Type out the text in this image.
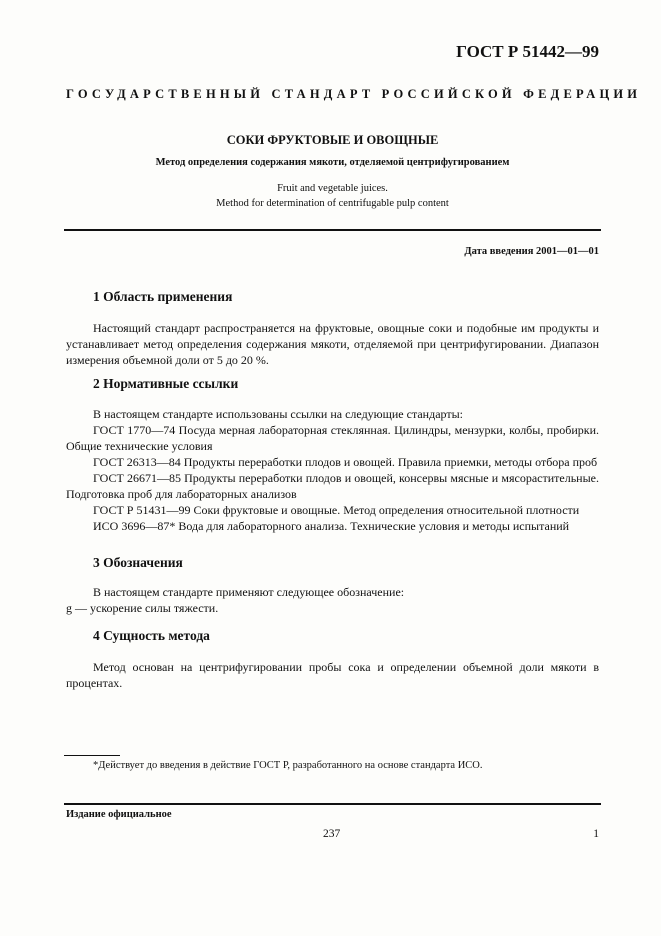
ГОСТ Р 51442—99
ГОСУДАРСТВЕННЫЙ СТАНДАРТ РОССИЙСКОЙ ФЕДЕРАЦИИ
СОКИ ФРУКТОВЫЕ И ОВОЩНЫЕ
Метод определения содержания мякоти, отделяемой центрифугированием
Fruit and vegetable juices.
Method for determination of centrifugable pulp content
Дата введения 2001—01—01
1 Область применения

Настоящий стандарт распространяется на фруктовые, овощные соки и подобные им продукты и устанавливает метод определения содержания мякоти, отделяемой при центрифугировании. Диапазон измерения объемной доли от 5 до 20 %.

2 Нормативные ссылки
В настоящем стандарте использованы ссылки на следующие стандарты:

ГОСТ 1770—74 Посуда мерная лабораторная стеклянная. Цилиндры, мензурки, колбы, пробирки. Общие технические условия

ГОСТ 26313—84 Продукты переработки плодов и овощей. Правила приемки, методы отбора проб

ГОСТ 26671—85 Продукты переработки плодов и овощей, консервы мясные и мясорастительные. Подготовка проб для лабораторных анализов

ГОСТ Р 51431—99 Соки фруктовые и овощные. Метод определения относительной плотности

ИСО 3696—87* Вода для лабораторного анализа. Технические условия и методы испытаний

3 Обозначения
В настоящем стандарте применяют следующее обозначение:
g — ускорение силы тяжести.
4 Сущность метода

Метод основан на центрифугировании пробы сока и определении объемной доли мякоти в процентах.

*Действует до введения в действие ГОСТ Р, разработанного на основе стандарта ИСО.
Издание официальное
237	1
